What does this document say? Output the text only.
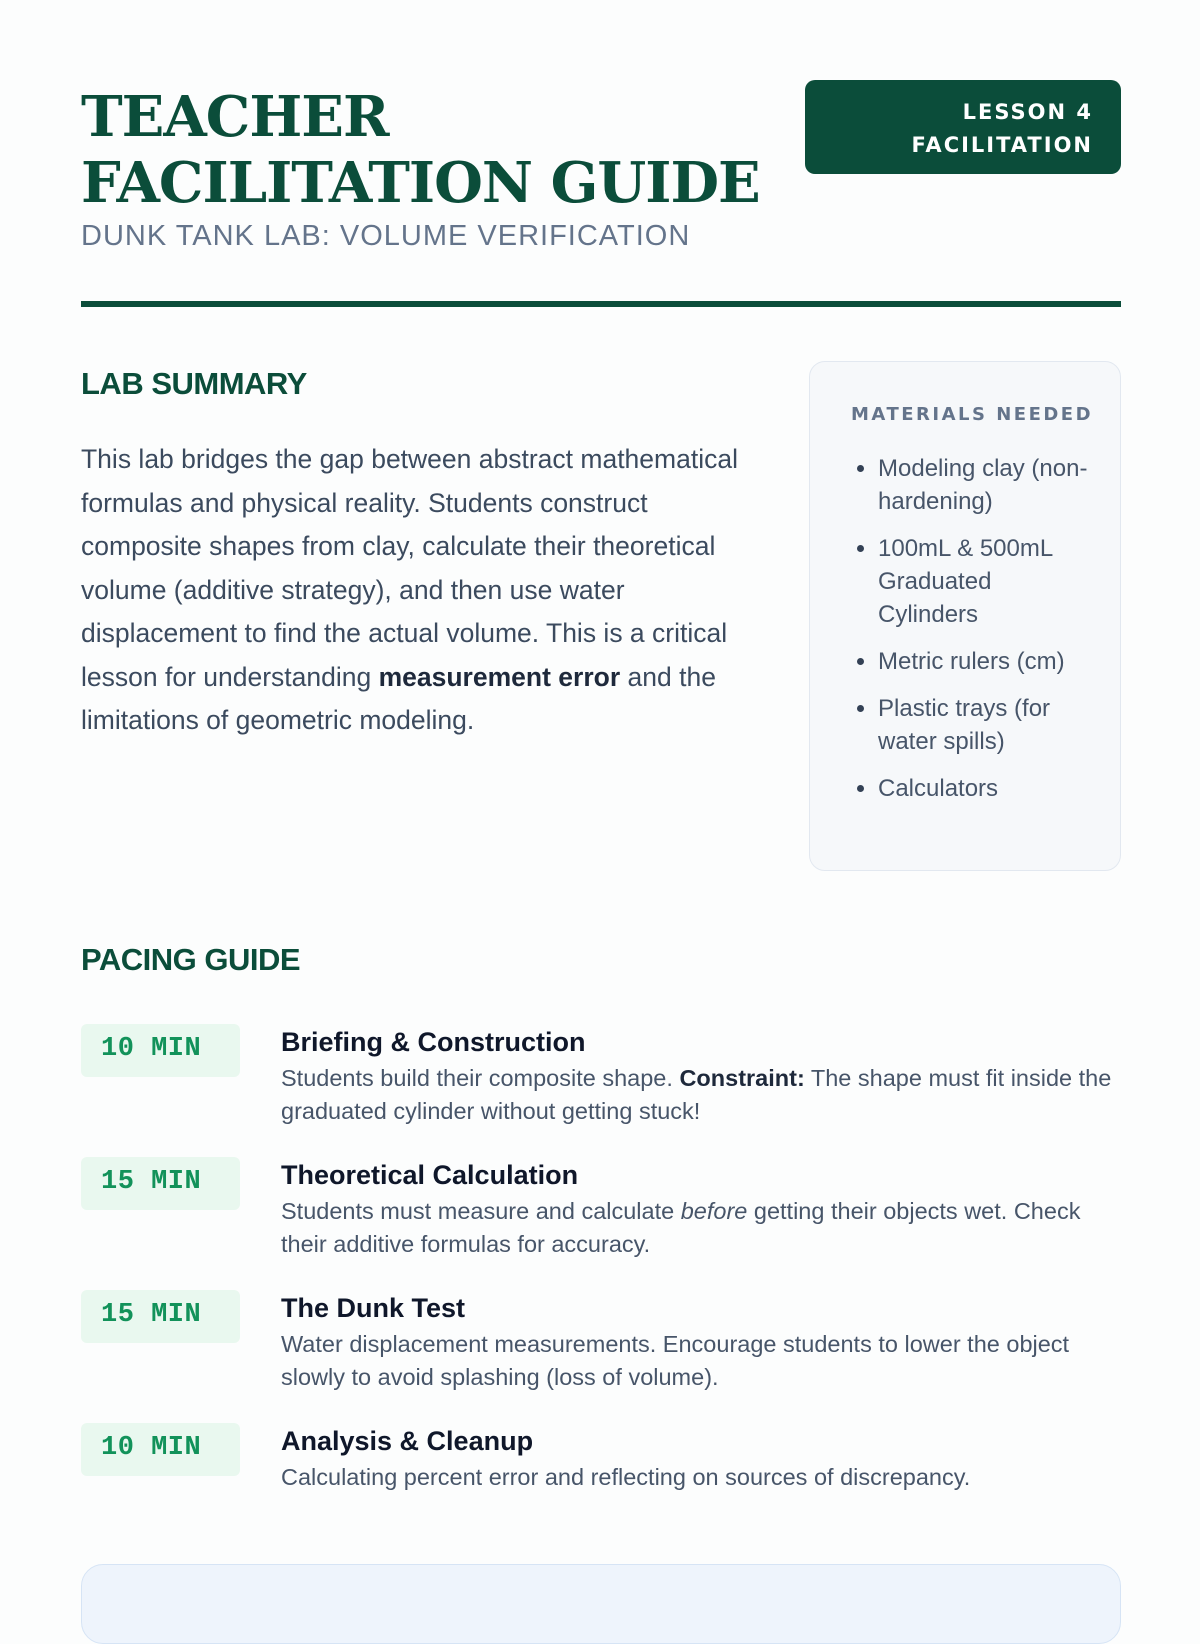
TEACHER FACILITATION GUIDE

DUNK TANK LAB: VOLUME VERIFICATION

LESSON 4
FACILITATION
LAB SUMMARY

This lab bridges the gap between abstract mathematical formulas and physical reality. Students construct composite shapes from clay, calculate their theoretical volume (additive strategy), and then use water displacement to find the actual volume. This is a critical lesson for understanding measurement error and the limitations of geometric modeling.

MATERIALS NEEDED
• Modeling clay (non-hardening)
• 100mL & 500mL Graduated Cylinders
• Metric rulers (cm)
• Plastic trays (for water spills)
• Calculators
PACING GUIDE
10 MIN	Briefing & Construction

Students build their composite shape. Constraint: The shape must fit inside the graduated cylinder without getting stuck!

15 MIN	Theoretical Calculation

Students must measure and calculate before getting their objects wet. Check their additive formulas for accuracy.

15 MIN	The Dunk Test

Water displacement measurements. Encourage students to lower the object slowly to avoid splashing (loss of volume).

10 MIN	Analysis & Cleanup

Calculating percent error and reflecting on sources of discrepancy.
